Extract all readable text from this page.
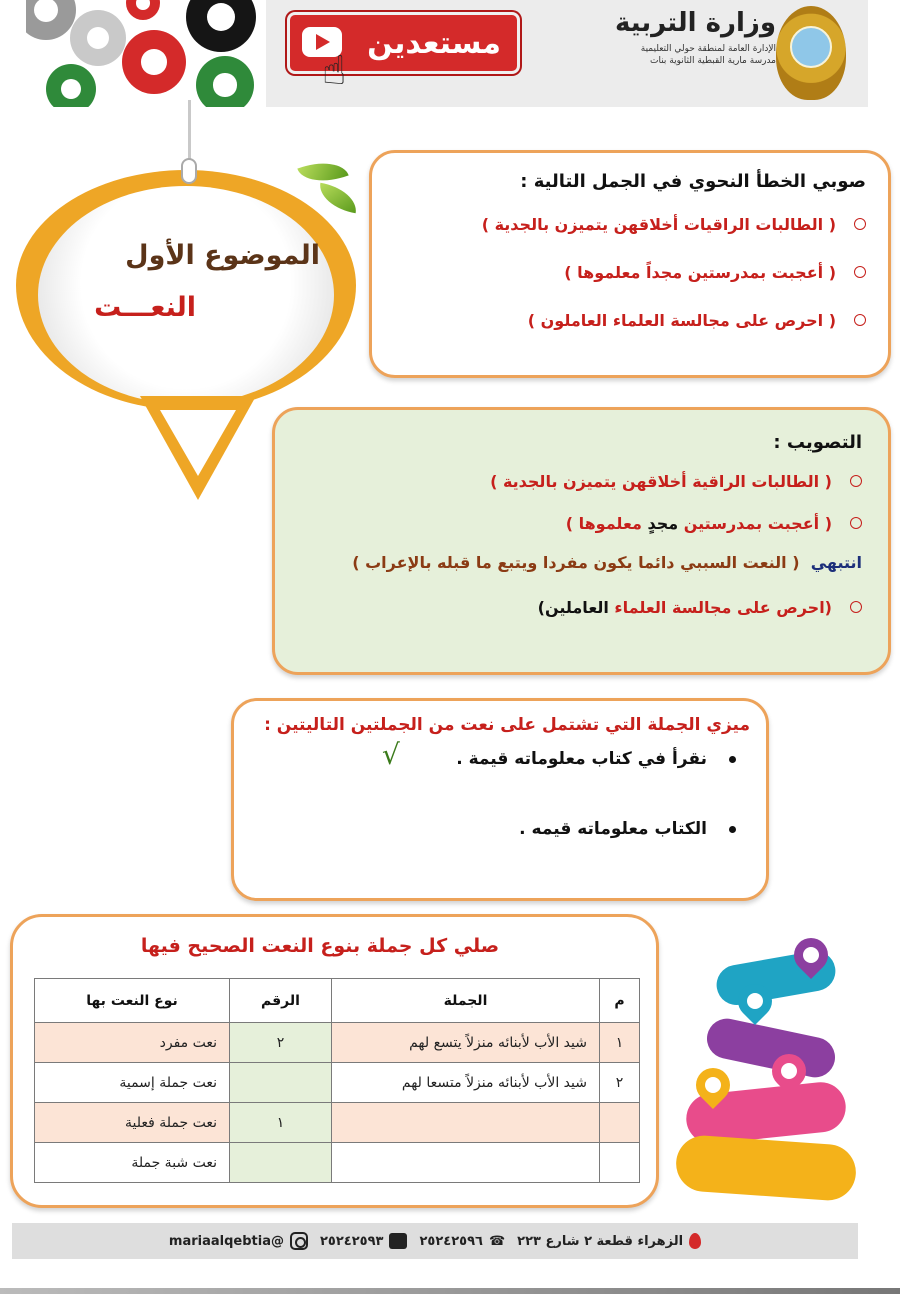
مستعدين
☝
وزارة التربية
الإدارة العامة لمنطقة حولي التعليمية
مدرسة مارية القبطية الثانوية بنات
الموضوع الأول
النعـــت
صوبي الخطأ النحوي في الجمل التالية :
( الطالبات الراقيات أخلاقهن يتميزن بالجدية )
( أعجبت بمدرستين مجداً معلموها )
( احرص على مجالسة العلماء العاملون )
التصويب :
( الطالبات الراقية

أخلاقهن يتميزن بالجدية )
( أعجبت بمدرستين

مجدٍ

معلموها )
انتبهي  ( النعت السببي دائما يكون مفردا ويتبع ما قبله بالإعراب )
(احرص على مجالسة العلماء

العاملين
)
ميزي الجملة التي تشتمل على نعت من الجملتين التاليتين :
نقرأ في كتاب معلوماته قيمة .
الكتاب معلوماته قيمه .
√
صلي كل جملة بنوع النعت الصحيح فيها
م	الجملة	الرقم	نوع النعت بها
١	شيد الأب لأبنائه منزلاً يتسع لهم	٢	نعت مفرد
٢	شيد الأب لأبنائه منزلاً متسعا لهم		نعت جملة إسمية
		١	نعت جملة فعلية
			نعت شبة جملة
الزهراء قطعة ٢ شارع ٢٢٣
☎
٢٥٢٤٢٥٩٦
٢٥٢٤٢٥٩٣
@mariaalqebtia
